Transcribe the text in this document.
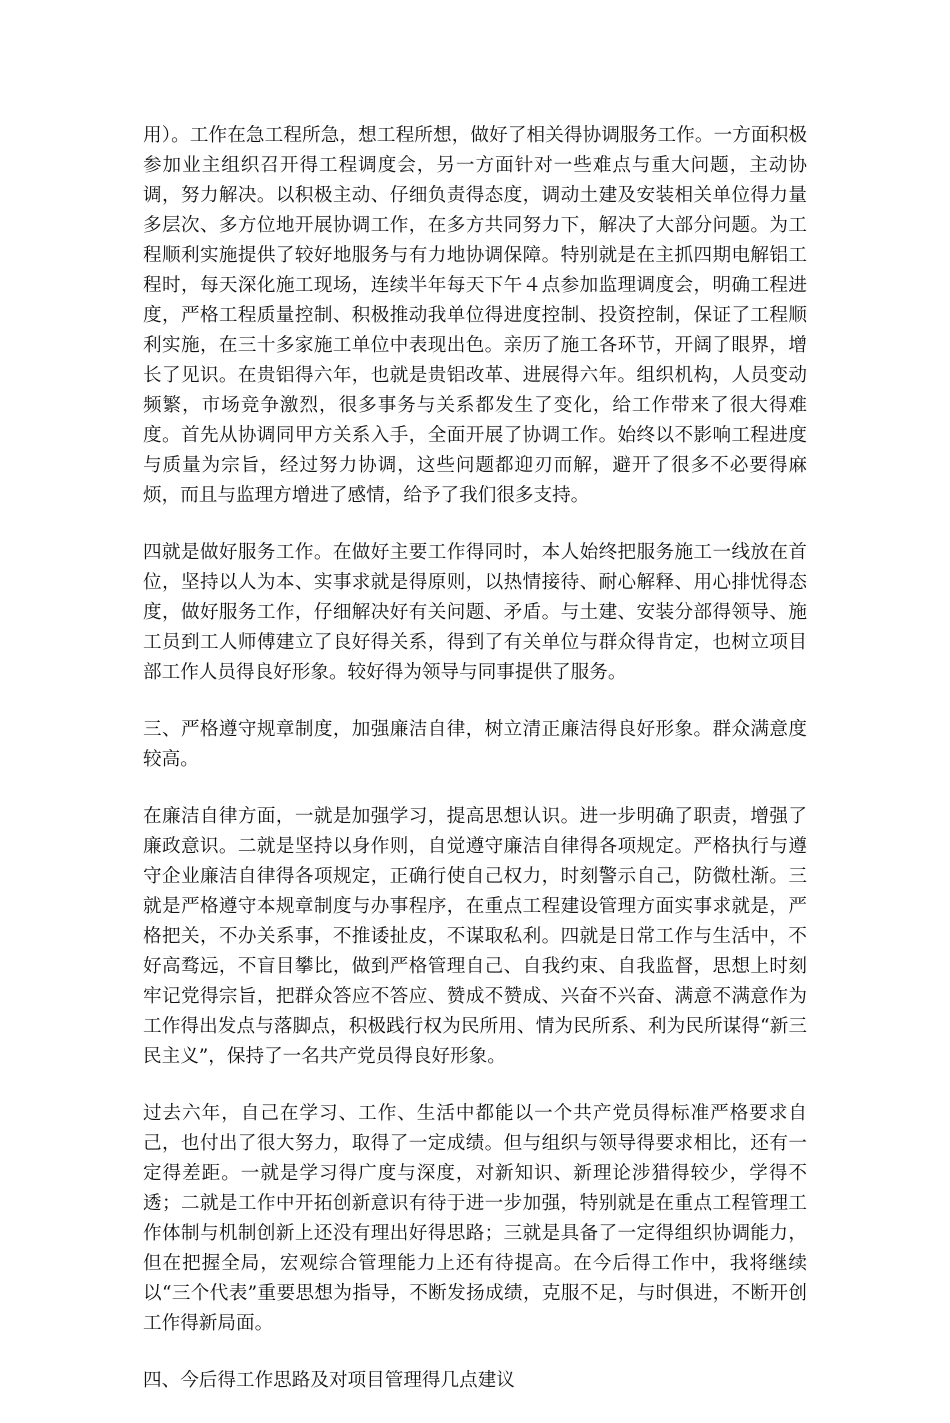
用）。工作在急工程所急，想工程所想，做好了相关得协调服务工作。一方面积极参加业主组织召开得工程调度会，另一方面针对一些难点与重大问题，主动协调，努力解决。以积极主动、仔细负责得态度，调动土建及安装相关单位得力量多层次、多方位地开展协调工作，在多方共同努力下，解决了大部分问题。为工程顺利实施提供了较好地服务与有力地协调保障。特别就是在主抓四期电解铝工程时，每天深化施工现场，连续半年每天下午４点参加监理调度会，明确工程进度，严格工程质量控制、积极推动我单位得进度控制、投资控制，保证了工程顺利实施，在三十多家施工单位中表现出色。亲历了施工各环节，开阔了眼界，增长了见识。在贵铝得六年，也就是贵铝改革、进展得六年。组织机构，人员变动频繁，市场竞争激烈，很多事务与关系都发生了变化，给工作带来了很大得难度。首先从协调同甲方关系入手，全面开展了协调工作。始终以不影响工程进度与质量为宗旨，经过努力协调，这些问题都迎刃而解，避开了很多不必要得麻烦，而且与监理方增进了感情，给予了我们很多支持。

四就是做好服务工作。在做好主要工作得同时，本人始终把服务施工一线放在首位，坚持以人为本、实事求就是得原则，以热情接待、耐心解释、用心排忧得态度，做好服务工作，仔细解决好有关问题、矛盾。与土建、安装分部得领导、施工员到工人师傅建立了良好得关系，得到了有关单位与群众得肯定，也树立项目部工作人员得良好形象。较好得为领导与同事提供了服务。

三、严格遵守规章制度，加强廉洁自律，树立清正廉洁得良好形象。群众满意度较高。

在廉洁自律方面，一就是加强学习，提高思想认识。进一步明确了职责，增强了廉政意识。二就是坚持以身作则，自觉遵守廉洁自律得各项规定。严格执行与遵守企业廉洁自律得各项规定，正确行使自己权力，时刻警示自己，防微杜渐。三就是严格遵守本规章制度与办事程序，在重点工程建设管理方面实事求就是，严格把关，不办关系事，不推诿扯皮，不谋取私利。四就是日常工作与生活中，不好高骛远，不盲目攀比，做到严格管理自己、自我约束、自我监督，思想上时刻牢记党得宗旨，把群众答应不答应、赞成不赞成、兴奋不兴奋、满意不满意作为工作得出发点与落脚点，积极践行权为民所用、情为民所系、利为民所谋得“新三民主义”，保持了一名共产党员得良好形象。

过去六年，自己在学习、工作、生活中都能以一个共产党员得标准严格要求自己，也付出了很大努力，取得了一定成绩。但与组织与领导得要求相比，还有一定得差距。一就是学习得广度与深度，对新知识、新理论涉猎得较少，学得不透；二就是工作中开拓创新意识有待于进一步加强，特别就是在重点工程管理工作体制与机制创新上还没有理出好得思路；三就是具备了一定得组织协调能力，但在把握全局，宏观综合管理能力上还有待提高。在今后得工作中，我将继续以“三个代表”重要思想为指导，不断发扬成绩，克服不足，与时俱进，不断开创工作得新局面。

四、今后得工作思路及对项目管理得几点建议
